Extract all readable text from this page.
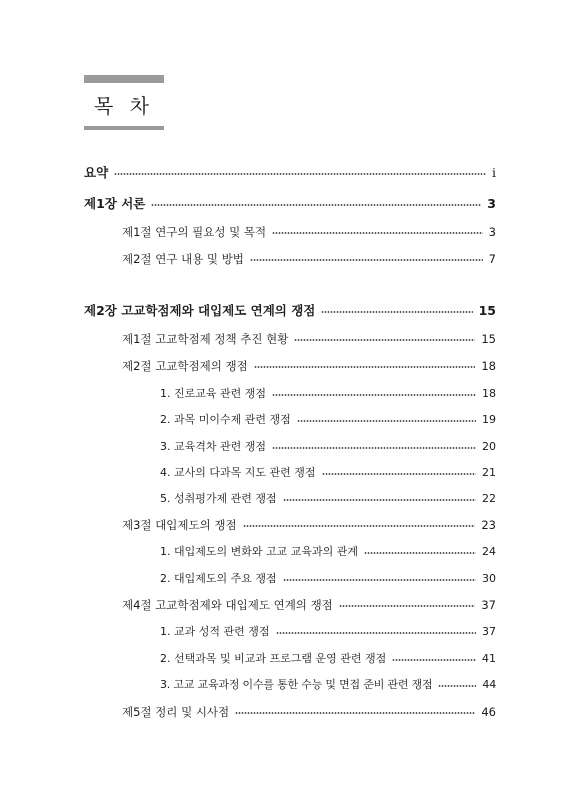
목 차
요약	i
제1장 서론	3
제1절 연구의 필요성 및 목적	3
제2절 연구 내용 및 방법	7
제2장 고교학점제와 대입제도 연계의 쟁점	15
제1절 고교학점제 정책 추진 현황	15
제2절 고교학점제의 쟁점	18
1. 진로교육 관련 쟁점	18
2. 과목 미이수제 관련 쟁점	19
3. 교육격차 관련 쟁점	20
4. 교사의 다과목 지도 관련 쟁점	21
5. 성취평가제 관련 쟁점	22
제3절 대입제도의 쟁점	23
1. 대입제도의 변화와 고교 교육과의 관계	24
2. 대입제도의 주요 쟁점	30
제4절 고교학점제와 대입제도 연계의 쟁점	37
1. 교과 성적 관련 쟁점	37
2. 선택과목 및 비교과 프로그램 운영 관련 쟁점	41
3. 고교 교육과정 이수를 통한 수능 및 면접 준비 관련 쟁점	44
제5절 정리 및 시사점	46
